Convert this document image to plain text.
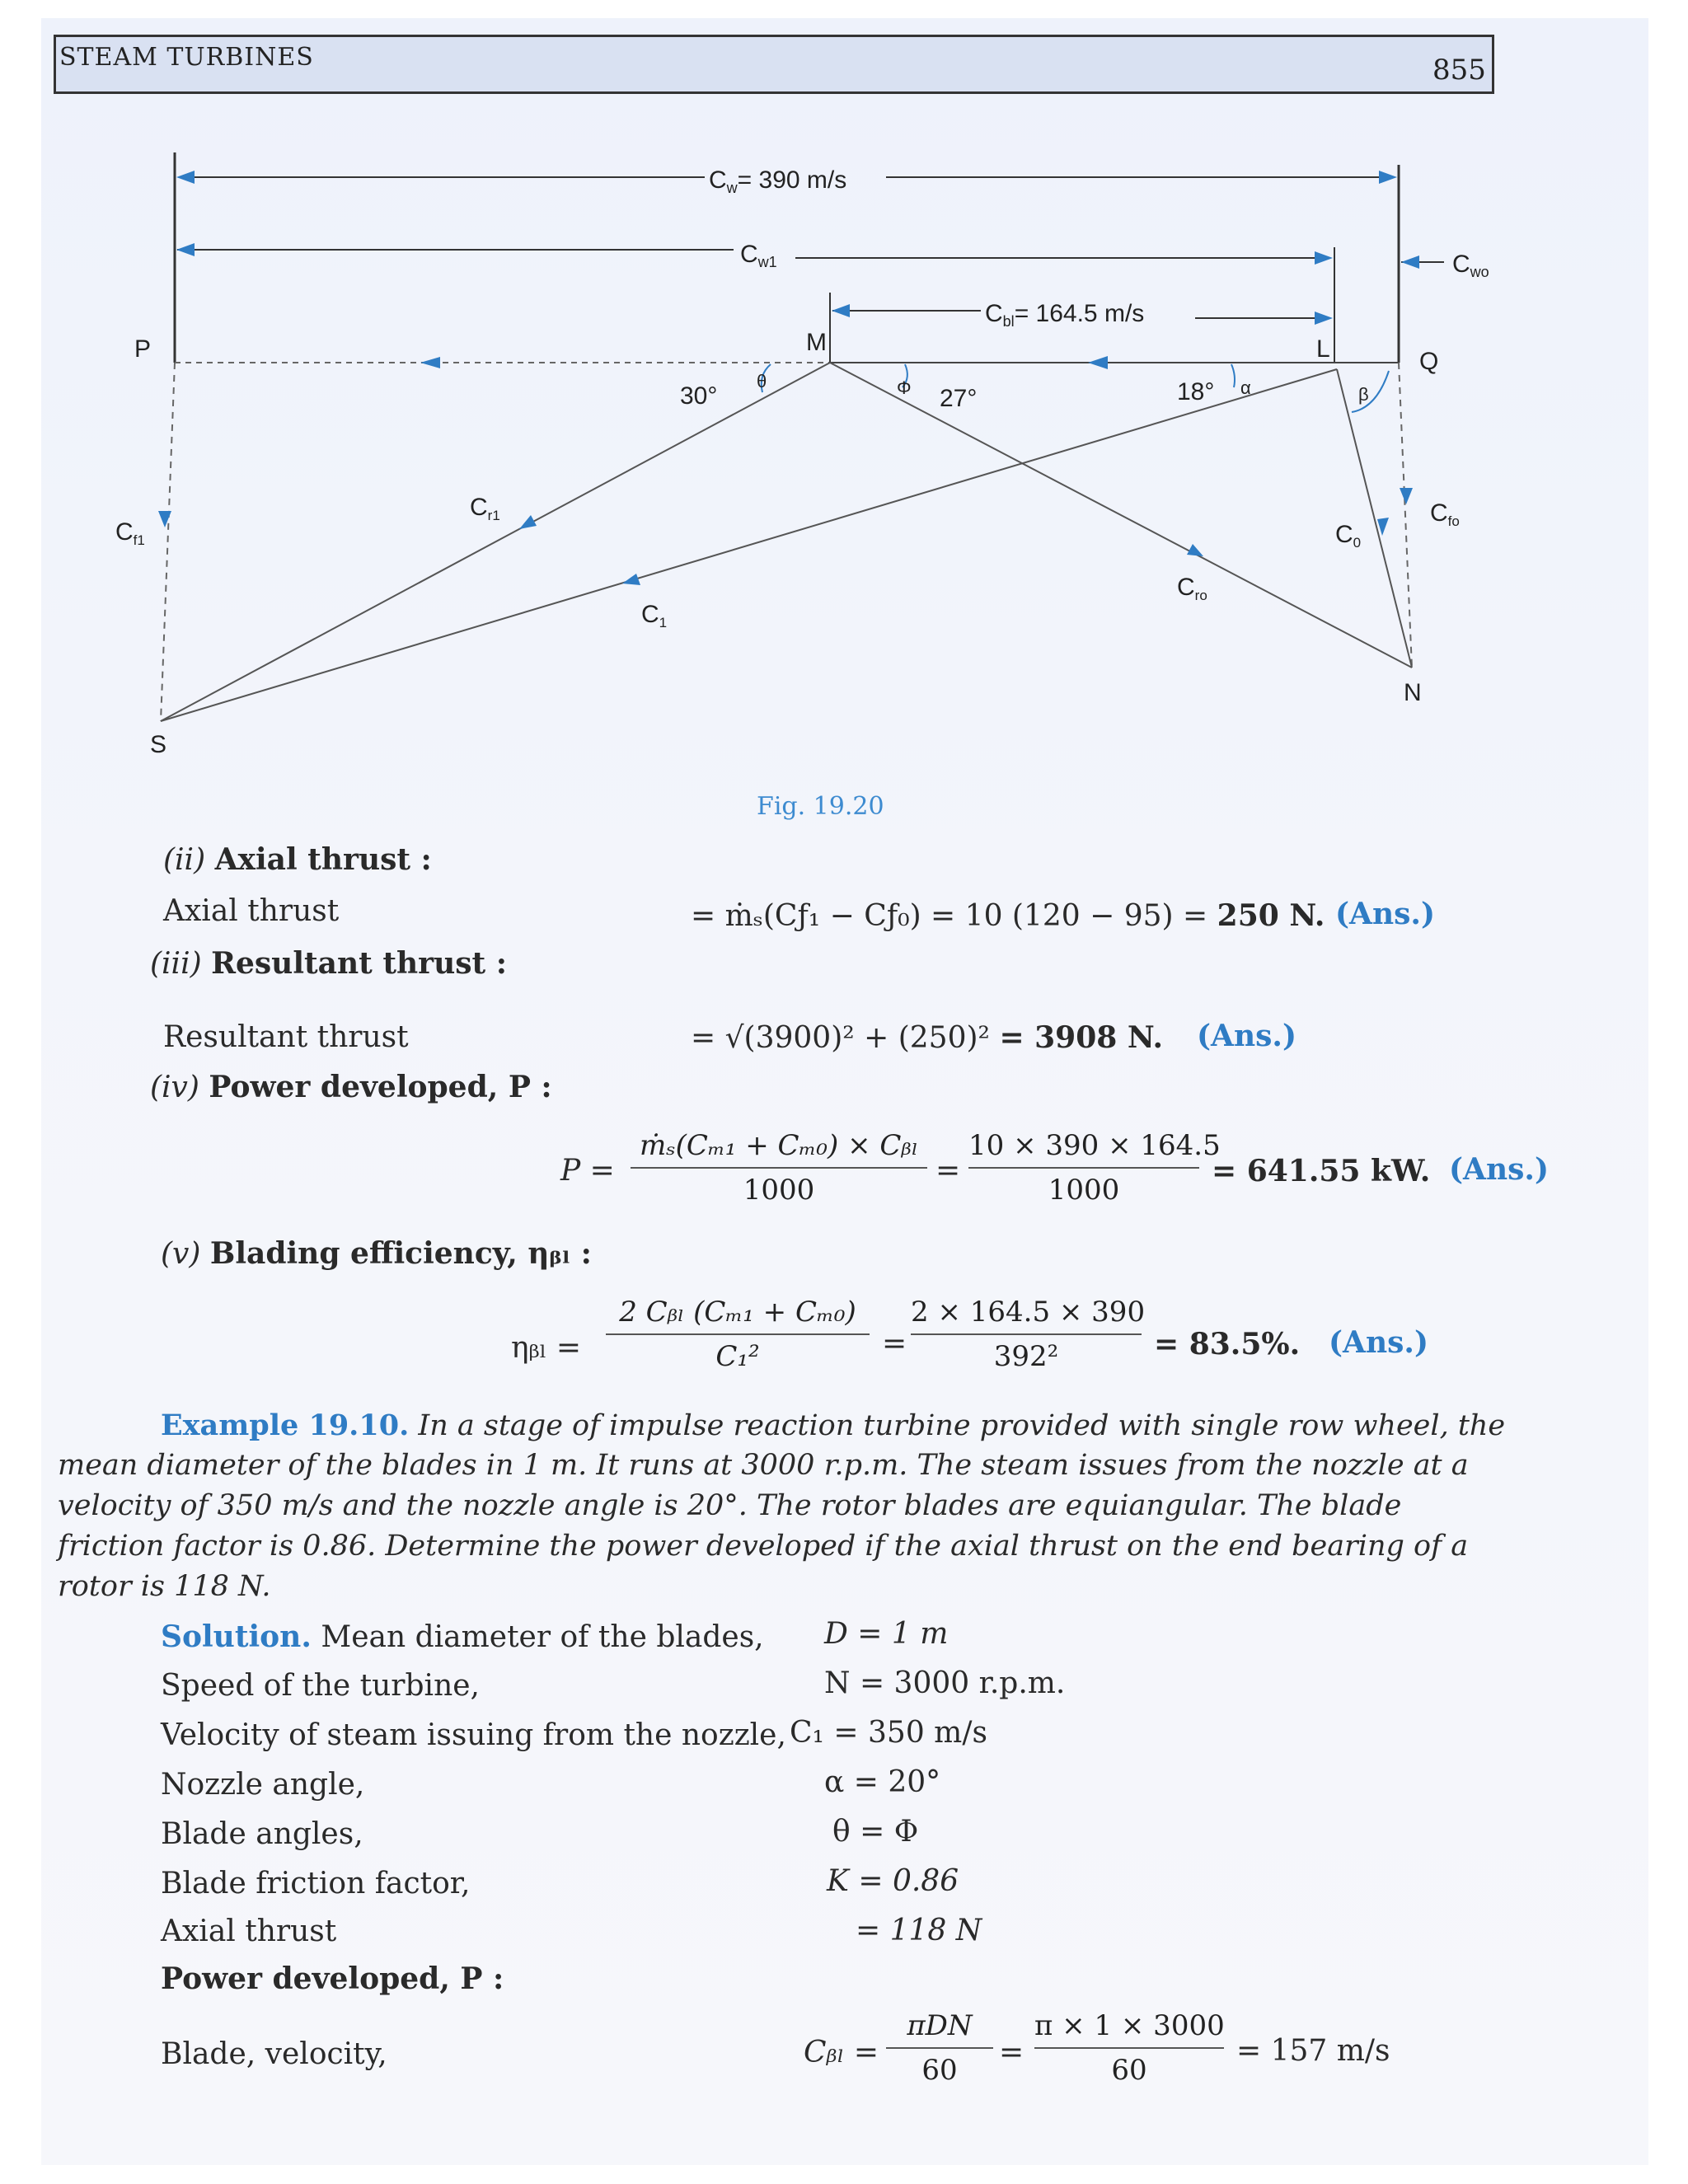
STEAM TURBINES	855
$C_w= 390$ m/s
$C_{w1}$	$C_{wo}$
$C_{bl}= 164.5$ m/s
P	M	L	Q
S
N
30°
θ	Φ 27°	18° α	β
$C_{f1}$
$C_{r1}$
$C_1$
$C_{ro}$
$C_0$
$C_{fo}$
Fig. 19.20
(ii) Axial thrust :
Axial thrust	= ṁₛ(Cƒ₁ − Cƒ₀) = 10 (120 − 95) = 250 N. (Ans.)
(iii) Resultant thrust :
Resultant thrust	= √(3900)² + (250)² = 3908 N. (Ans.)
(iv) Power developed, P :
P =
ṁₛ(Cₘ₁ + Cₘ₀) × Cᵦₗ
1000
=
10 × 390 × 164.5
1000
= 641.55 kW. (Ans.)
(v) Blading efficiency, ηᵦₗ :
ηᵦₗ =
2 Cᵦₗ (Cₘ₁ + Cₘ₀)
C₁²	=
2 × 164.5 × 390
392²	= 83.5%. (Ans.)
Example 19.10. In a stage of impulse reaction turbine provided with single row wheel, the
mean diameter of the blades in 1 m. It runs at 3000 r.p.m. The steam issues from the nozzle at a
velocity of 350 m/s and the nozzle angle is 20°. The rotor blades are equiangular. The blade
friction factor is 0.86. Determine the power developed if the axial thrust on the end bearing of a
rotor is 118 N.
Solution. Mean diameter of the blades, D = 1 m
Speed of the turbine,	N = 3000 r.p.m.
Velocity of steam issuing from the nozzle, C₁ = 350 m/s
Nozzle angle,	α = 20°
Blade angles,	θ = Φ
Blade friction factor,	K = 0.86
Axial thrust	= 118 N
Power developed, P :
Blade, velocity,	Cᵦₗ =
πDN
60
=
π × 1 × 3000
60
= 157 m/s
